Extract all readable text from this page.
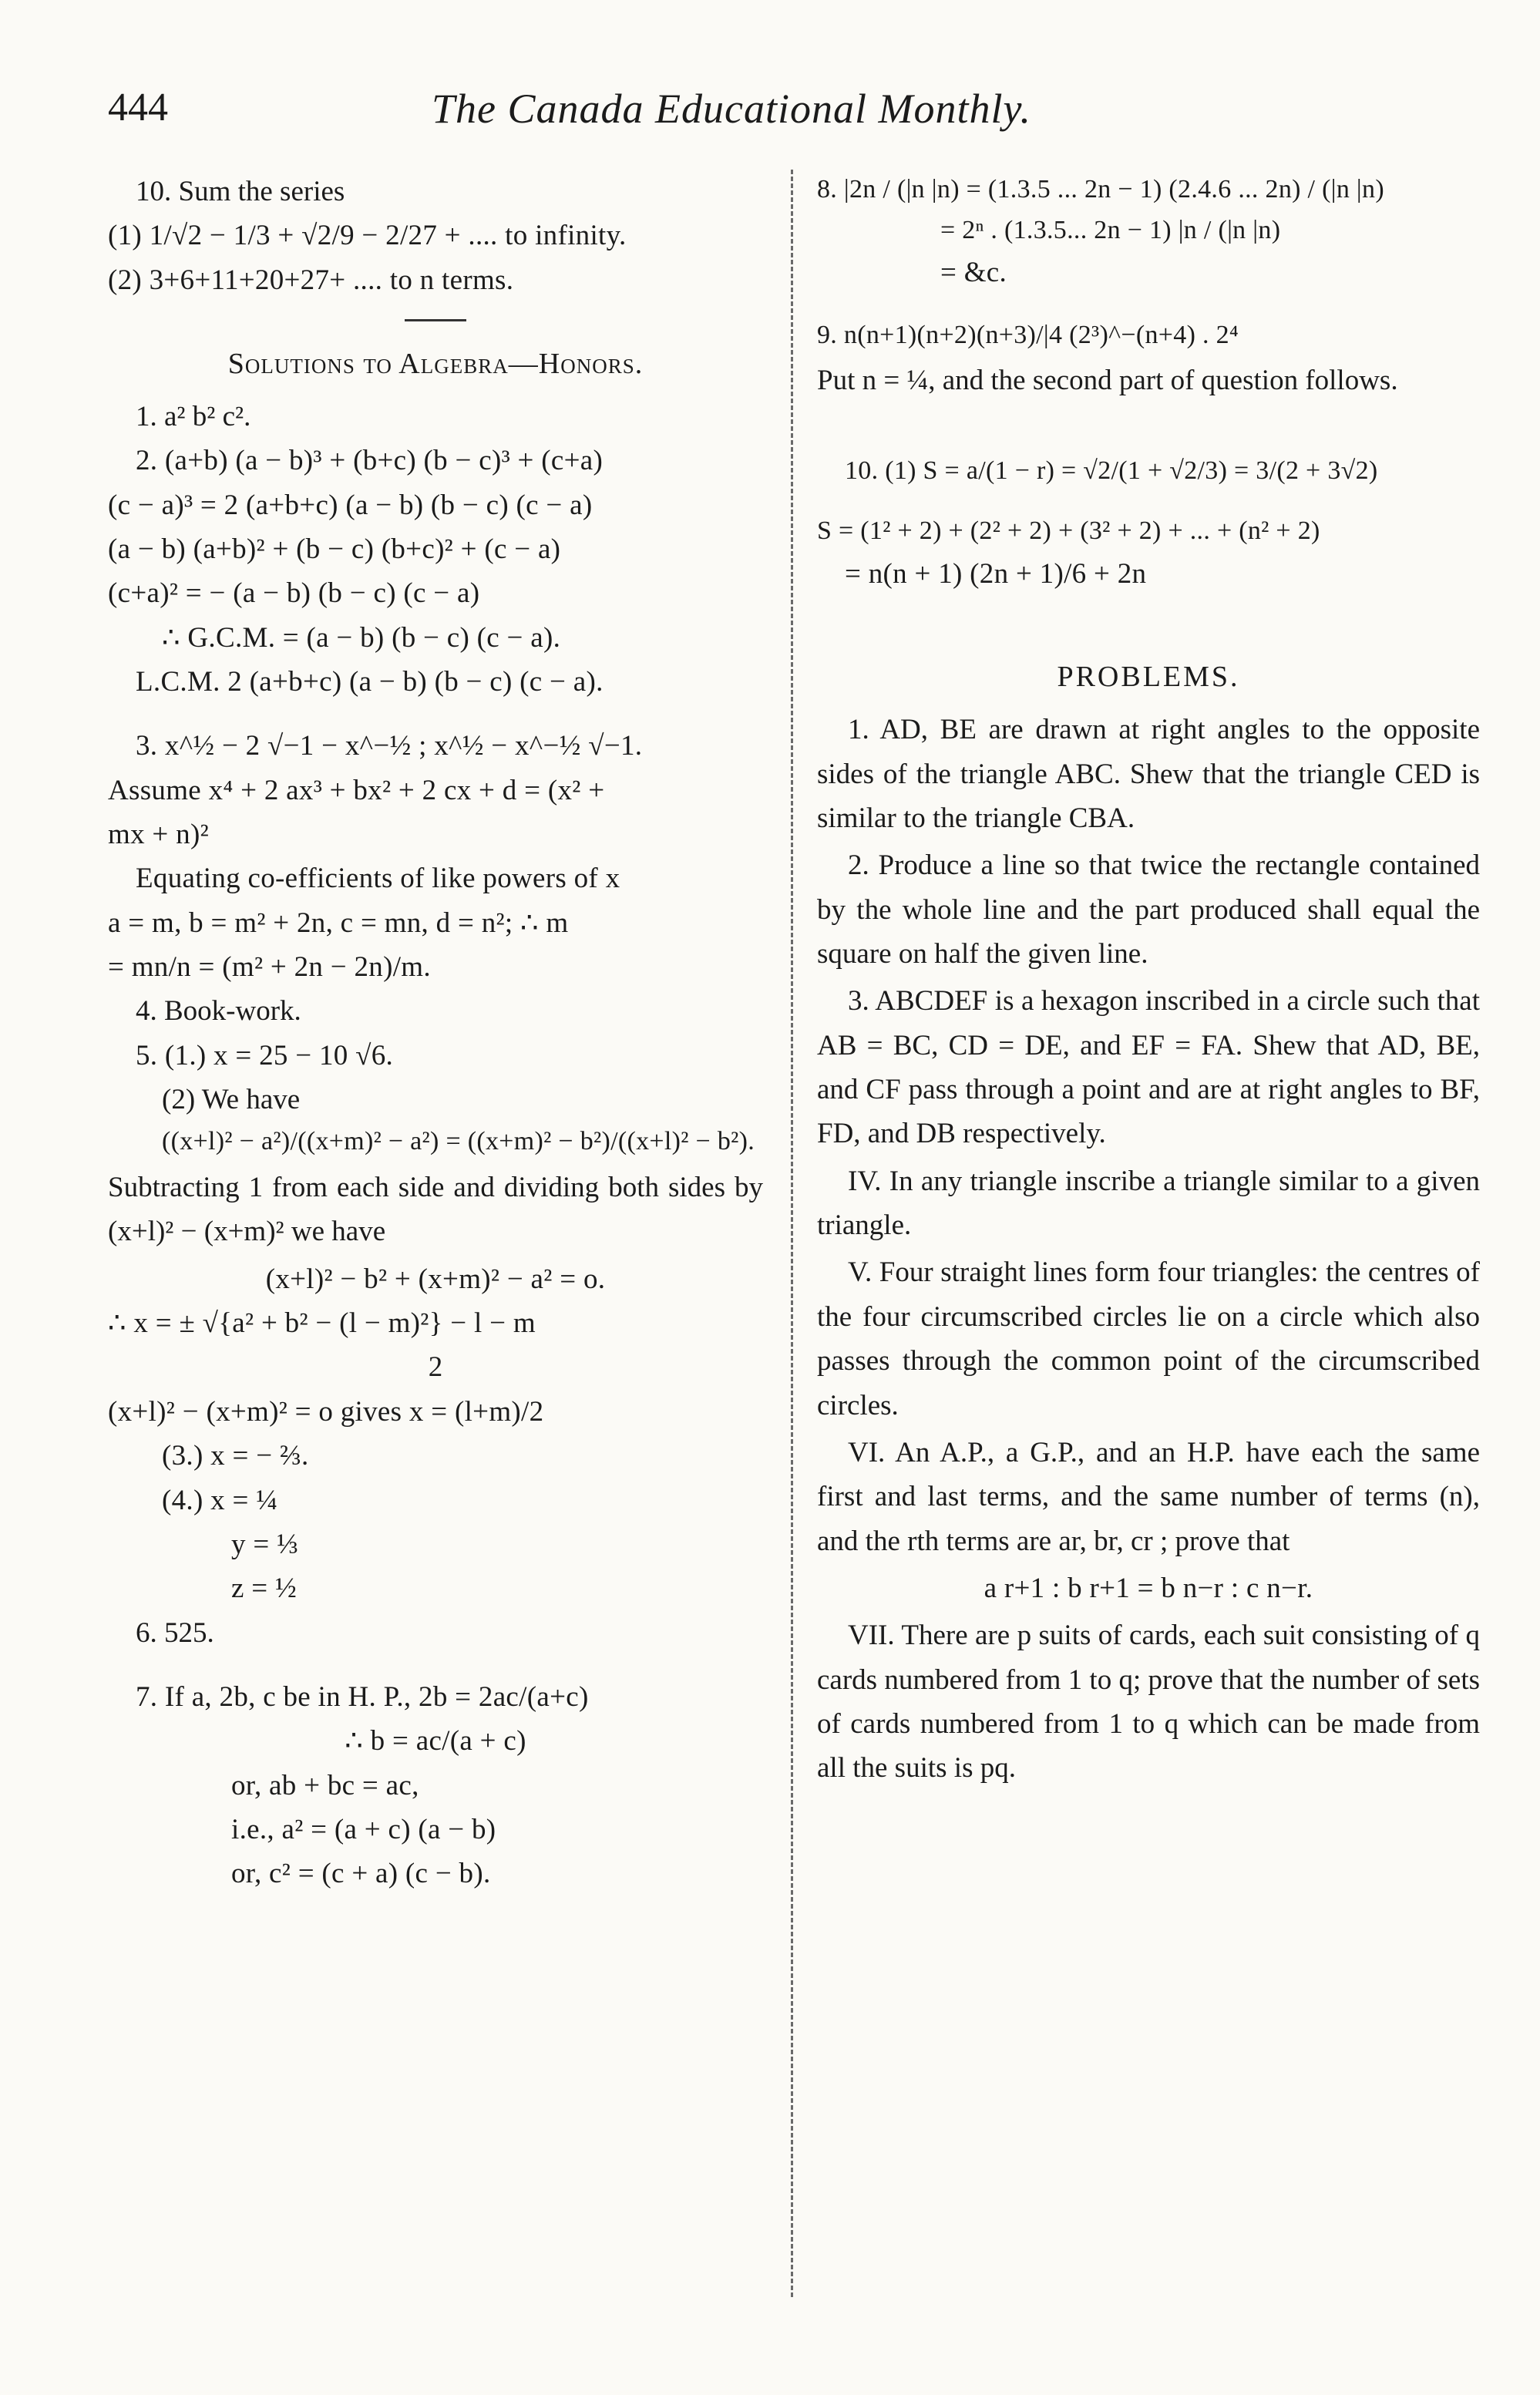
444	The Canada Educational Monthly.
10. Sum the series
(1) 1/√2 − 1/3 + √2/9 − 2/27 + .... to infinity.
(2) 3+6+11+20+27+ .... to n terms.
Solutions to Algebra—Honors.
1. a² b² c².
2. (a+b) (a − b)³ + (b+c) (b − c)³ + (c+a)
(c − a)³ = 2 (a+b+c) (a − b) (b − c) (c − a)
(a − b) (a+b)² + (b − c) (b+c)² + (c − a)
(c+a)² = − (a − b) (b − c) (c − a)
∴ G.C.M. = (a − b) (b − c) (c − a).
L.C.M. 2 (a+b+c) (a − b) (b − c) (c − a).
3. x^½ − 2 √−1 − x^−½ ; x^½ − x^−½ √−1.
Assume x⁴ + 2 ax³ + bx² + 2 cx + d = (x² +
mx + n)²
Equating co-efficients of like powers of x
a = m, b = m² + 2n, c = mn, d = n²; ∴ m
= mn/n = (m² + 2n − 2n)/m.
4. Book-work.
5. (1.) x = 25 − 10 √6.
(2) We have
((x+l)² − a²)/((x+m)² − a²) = ((x+m)² − b²)/((x+l)² − b²).
Subtracting 1 from each side and dividing both sides by (x+l)² − (x+m)² we have
(x+l)² − b² + (x+m)² − a² = o.
∴ x = ± √{a² + b² − (l − m)²} − l − m
2
(x+l)² − (x+m)² = o gives x = (l+m)/2
(3.) x = − ⅔.
(4.) x = ¼
y = ⅓
z = ½
6. 525.
7. If a, 2b, c be in H. P., 2b = 2ac/(a+c)
∴ b = ac/(a + c)
or, ab + bc = ac,
i.e., a² = (a + c) (a − b)
or, c² = (c + a) (c − b).
8. |2n / (|n |n) = (1.3.5 ... 2n − 1) (2.4.6 ... 2n) / (|n |n)
= 2ⁿ . (1.3.5... 2n − 1) |n / (|n |n)
= &c.
9. n(n+1)(n+2)(n+3)/|4 (2³)^−(n+4) . 2⁴
Put n = ¼, and the second part of question follows.
10. (1) S = a/(1 − r) = √2/(1 + √2/3) = 3/(2 + 3√2)
S = (1² + 2) + (2² + 2) + (3² + 2) + ... + (n² + 2)
= n(n + 1) (2n + 1)/6 + 2n
PROBLEMS.
1. AD, BE are drawn at right angles to the opposite sides of the triangle ABC. Shew that the triangle CED is similar to the triangle CBA.
2. Produce a line so that twice the rectangle contained by the whole line and the part produced shall equal the square on half the given line.
3. ABCDEF is a hexagon inscribed in a circle such that AB = BC, CD = DE, and EF = FA. Shew that AD, BE, and CF pass through a point and are at right angles to BF, FD, and DB respectively.
IV. In any triangle inscribe a triangle similar to a given triangle.
V. Four straight lines form four triangles: the centres of the four circumscribed circles lie on a circle which also passes through the common point of the circumscribed circles.
VI. An A.P., a G.P., and an H.P. have each the same first and last terms, and the same number of terms (n), and the rth terms are ar, br, cr ; prove that
a r+1 : b r+1 = b n−r : c n−r.
VII. There are p suits of cards, each suit consisting of q cards numbered from 1 to q; prove that the number of sets of cards numbered from 1 to q which can be made from all the suits is pq.
